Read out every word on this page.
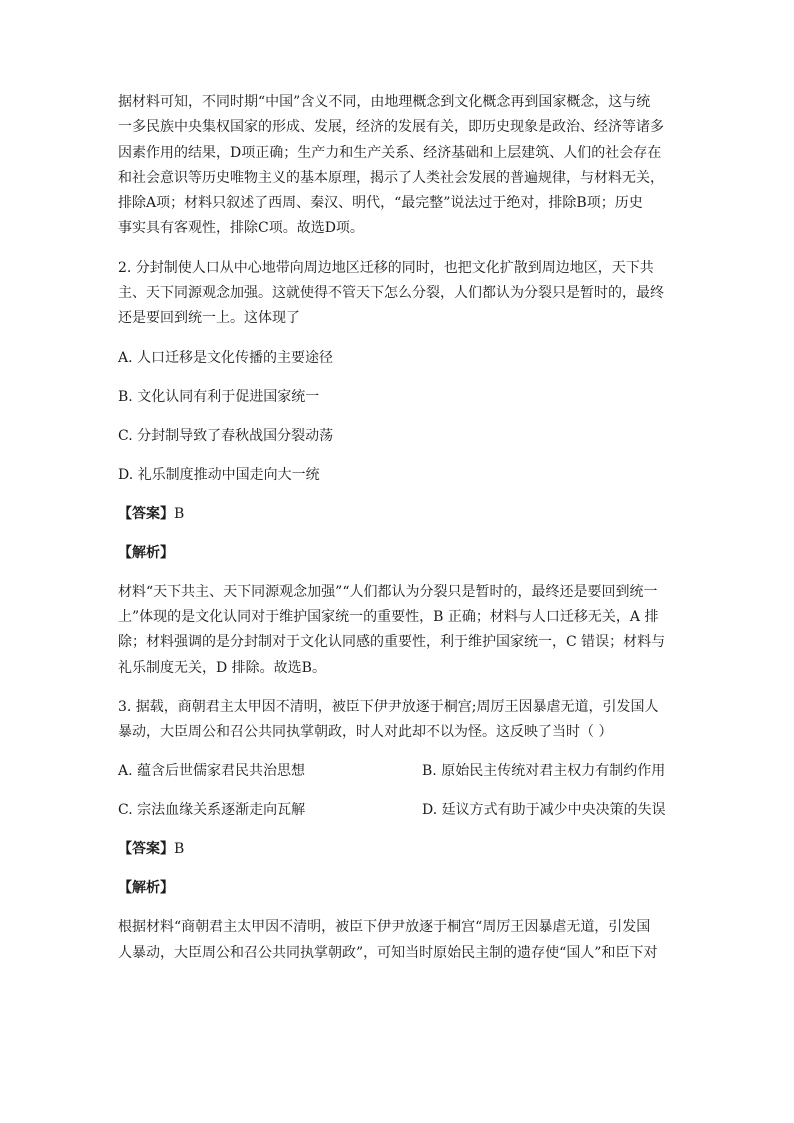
据材料可知，不同时期“中国”含义不同，由地理概念到文化概念再到国家概念，这与统

一多民族中央集权国家的形成、发展，经济的发展有关，即历史现象是政治、经济等诸多

因素作用的结果，D项正确；生产力和生产关系、经济基础和上层建筑、人们的社会存在

和社会意识等历史唯物主义的基本原理，揭示了人类社会发展的普遍规律，与材料无关，

排除A项；材料只叙述了西周、秦汉、明代，“最完整”说法过于绝对，排除B项；历史

事实具有客观性，排除C项。故选D项。

2. 分封制使人口从中心地带向周边地区迁移的同时，也把文化扩散到周边地区，天下共

主、天下同源观念加强。这就使得不管天下怎么分裂，人们都认为分裂只是暂时的，最终

还是要回到统一上。这体现了

A. 人口迁移是文化传播的主要途径

B. 文化认同有利于促进国家统一

C. 分封制导致了春秋战国分裂动荡

D. 礼乐制度推动中国走向大一统

【答案】B

【解析】

材料“天下共主、天下同源观念加强”“人们都认为分裂只是暂时的，最终还是要回到统一

上”体现的是文化认同对于维护国家统一的重要性，B 正确；材料与人口迁移无关，A 排

除；材料强调的是分封制对于文化认同感的重要性，利于维护国家统一，C 错误；材料与

礼乐制度无关，D 排除。故选B。

3. 据载，商朝君主太甲因不清明，被臣下伊尹放逐于桐宫;周厉王因暴虐无道，引发国人

暴动，大臣周公和召公共同执掌朝政，时人对此却不以为怪。这反映了当时（ ）

A. 蕴含后世儒家君民共治思想	B. 原始民主传统对君主权力有制约作用
C. 宗法血缘关系逐渐走向瓦解	D. 廷议方式有助于减少中央决策的失误

【答案】B

【解析】

根据材料“商朝君主太甲因不清明，被臣下伊尹放逐于桐宫“周厉王因暴虐无道，引发国

人暴动，大臣周公和召公共同执掌朝政”，可知当时原始民主制的遗存使“国人”和臣下对
